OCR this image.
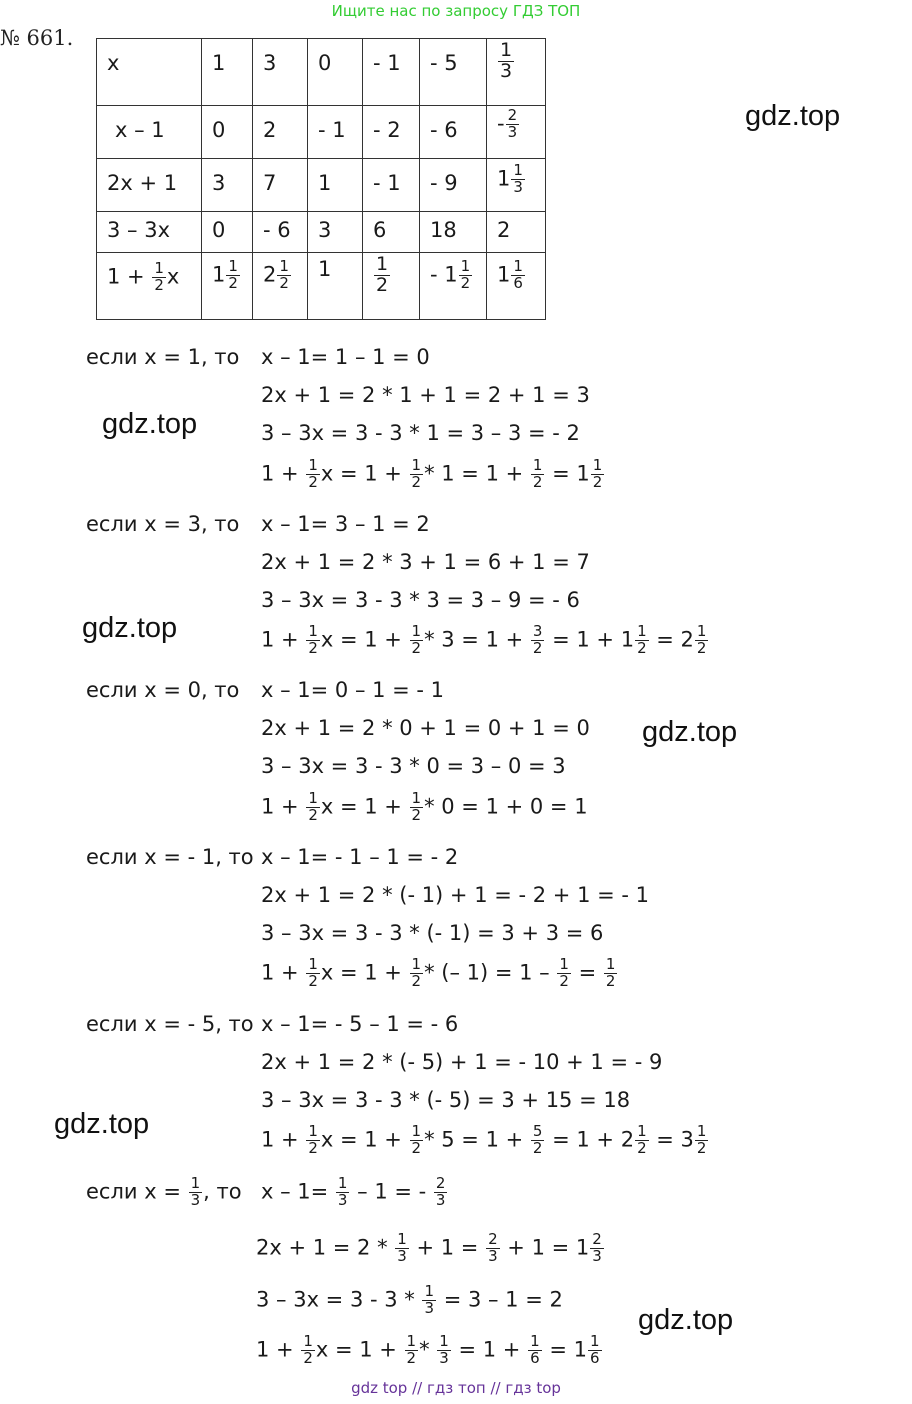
Ищите нас по запросу ГДЗ ТОП
№ 661.
x	1	3	0	- 1	- 5	$\frac{1}{3}$

x – 1	0	2	- 1	- 2	- 6	- $\frac{2}{3}$

2x + 1	3	7	1	- 1	- 9	$1 \frac{1}{3}$

3 – 3x	0	- 6	3	6	18	2
$1 + \frac{1}{2}$ x	$1 \frac{1}{2}$	$2 \frac{1}{2}$	1	$\frac{1}{2}$	- $1 \frac{1}{2}$	$1 \frac{1}{6}$
gdz.top
gdz.top
gdz.top
gdz.top
gdz.top
gdz.top
если x = 1, то x – 1= 1 – 1 = 0
2x + 1 = 2 * 1 + 1 = 2 + 1 = 3
3 – 3x = 3 - 3 * 1 = 3 – 3 = - 2
$1 + \frac{1}{2}$ $x = 1 + \frac{1}{2} * 1 = 1 + \frac{1}{2} = 1 \frac{1}{2}$
если x = 3, то x – 1= 3 – 1 = 2
2x + 1 = 2 * 3 + 1 = 6 + 1 = 7
3 – 3x = 3 - 3 * 3 = 3 – 9 = - 6
$1 + \frac{1}{2}$ $x = 1 + \frac{1}{2} * 3 = 1 + \frac{3}{2} = 1 + 1 \frac{1}{2} = 2 \frac{1}{2}$
если x = 0, то x – 1= 0 – 1 = - 1
2x + 1 = 2 * 0 + 1 = 0 + 1 = 0
3 – 3x = 3 - 3 * 0 = 3 – 0 = 3
$1 + \frac{1}{2}$ $x = 1 + \frac{1}{2} * 0 = 1 + 0 = 1$
если x = - 1, то x – 1= - 1 – 1 = - 2
2x + 1 = 2 * (- 1) + 1 = - 2 + 1 = - 1
3 – 3x = 3 - 3 * (- 1) = 3 + 3 = 6
$1 + \frac{1}{2}$ $x = 1 + \frac{1}{2}$ * (– $1) = 1 - \frac{1}{2} = \frac{1}{2}$
если x = - 5, то x – 1= - 5 – 1 = - 6
2x + 1 = 2 * (- 5) + 1 = - 10 + 1 = - 9
3 – 3x = 3 - 3 * (- 5) = 3 + 15 = 18
$1 + \frac{1}{2}$ $x = 1 + \frac{1}{2} * 5 = 1 + \frac{5}{2} = 1 + 2 \frac{1}{2} = 3 \frac{1}{2}$
если $x = \frac{1}{3}$ , то $x - 1= \frac{1}{3} - 1$ = - $\frac{2}{3}$
$2x + 1 = 2 * \frac{1}{3} + 1 = \frac{2}{3} + 1 = 1 \frac{2}{3}$
$3 - 3x = 3 - 3 * \frac{1}{3} = 3 - 1 = 2$
$1 + \frac{1}{2}$ $x = 1 + \frac{1}{2} * \frac{1}{3} = 1 + \frac{1}{6} = 1 \frac{1}{6}$
gdz top // гдз топ // гдз top
